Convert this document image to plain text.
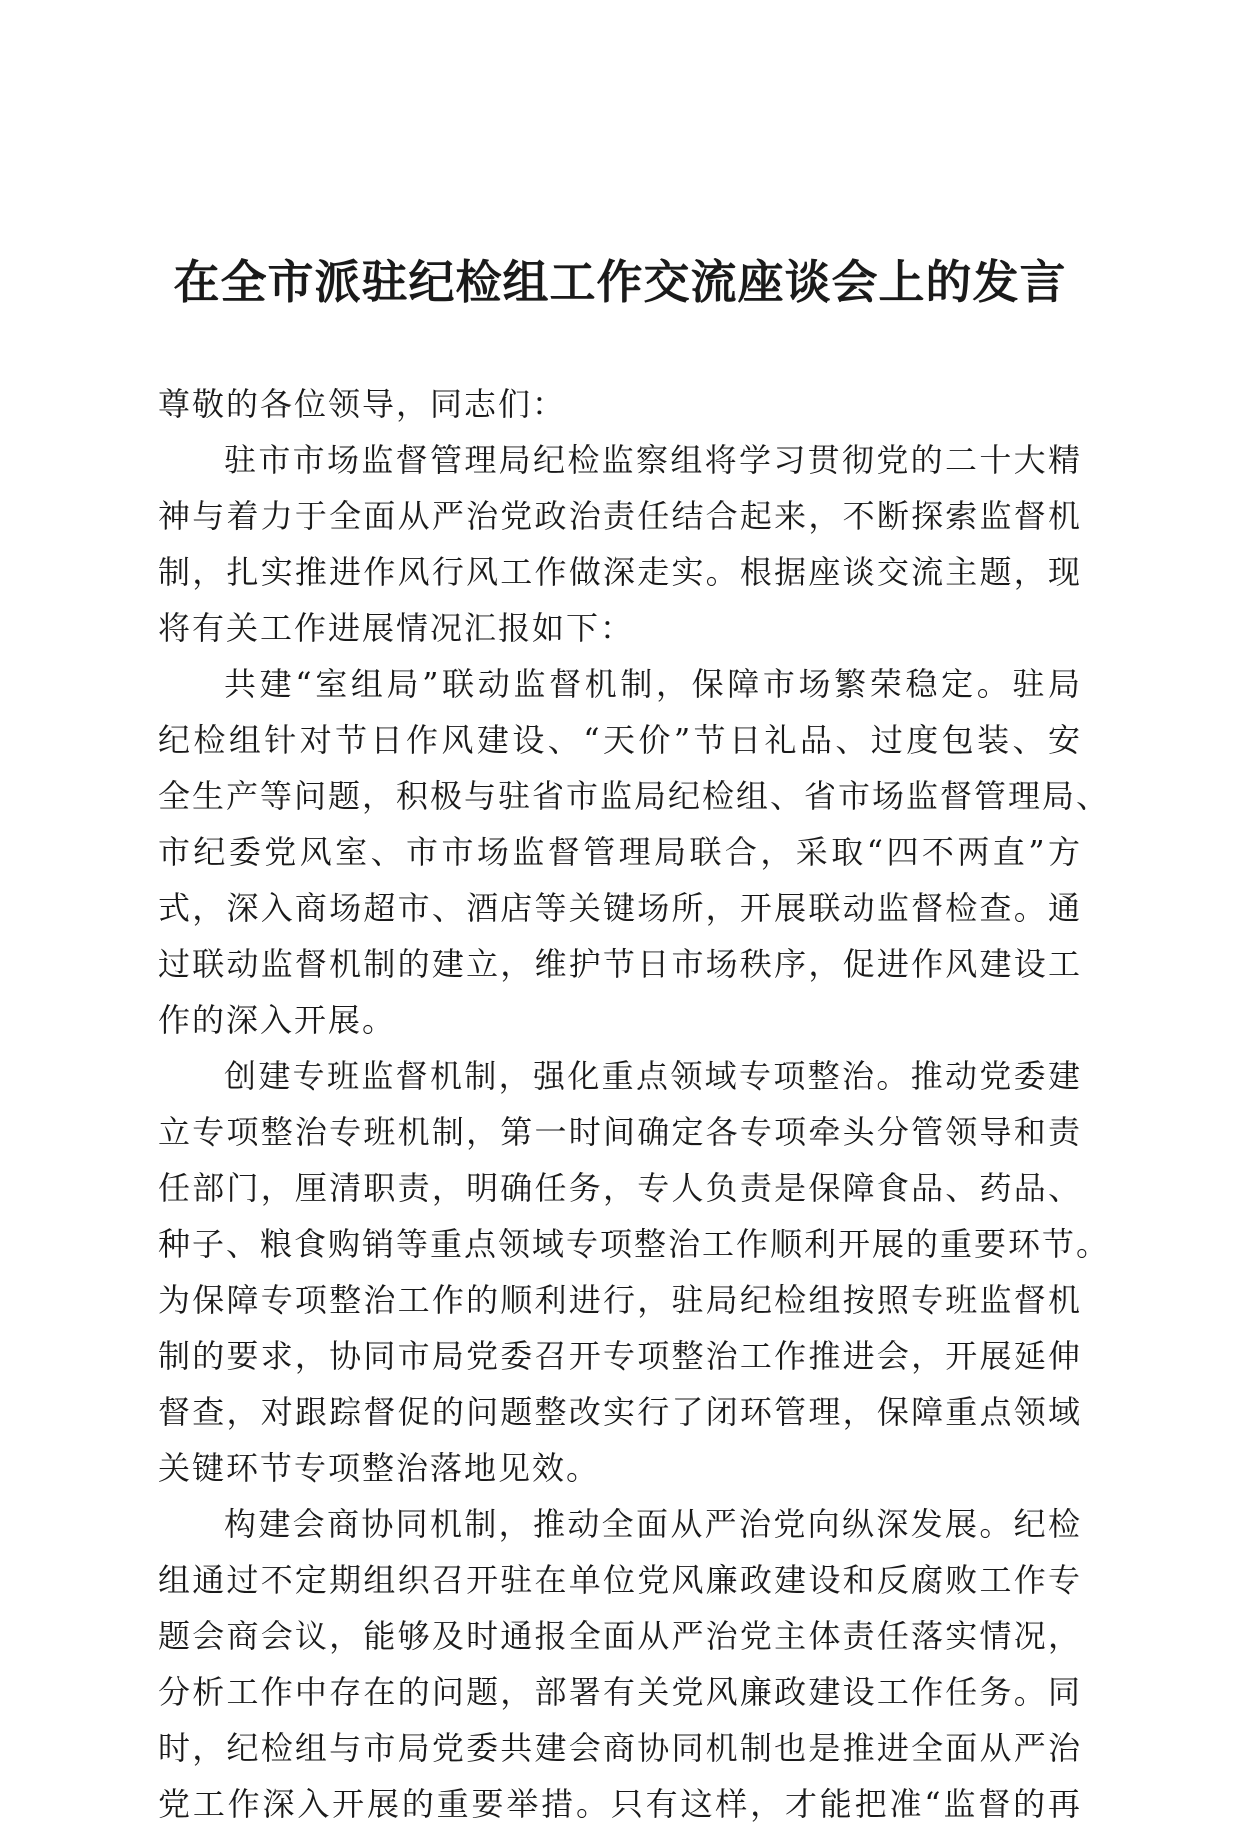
在全市派驻纪检组工作交流座谈会上的发言
尊敬的各位领导，同志们：
驻市市场监督管理局纪检监察组将学习贯彻党的二十大精
神与着力于全面从严治党政治责任结合起来，不断探索监督机
制，扎实推进作风行风工作做深走实。根据座谈交流主题，现
将有关工作进展情况汇报如下：
共建“室组局”联动监督机制，保障市场繁荣稳定。驻局
纪检组针对节日作风建设、“天价”节日礼品、过度包装、安
全生产等问题，积极与驻省市监局纪检组、省市场监督管理局、
市纪委党风室、市市场监督管理局联合，采取“四不两直”方
式，深入商场超市、酒店等关键场所，开展联动监督检查。通
过联动监督机制的建立，维护节日市场秩序，促进作风建设工
作的深入开展。
创建专班监督机制，强化重点领域专项整治。推动党委建
立专项整治专班机制，第一时间确定各专项牵头分管领导和责
任部门，厘清职责，明确任务，专人负责是保障食品、药品、
种子、粮食购销等重点领域专项整治工作顺利开展的重要环节。
为保障专项整治工作的顺利进行，驻局纪检组按照专班监督机
制的要求，协同市局党委召开专项整治工作推进会，开展延伸
督查，对跟踪督促的问题整改实行了闭环管理，保障重点领域
关键环节专项整治落地见效。
构建会商协同机制，推动全面从严治党向纵深发展。纪检
组通过不定期组织召开驻在单位党风廉政建设和反腐败工作专
题会商会议，能够及时通报全面从严治党主体责任落实情况，
分析工作中存在的问题，部署有关党风廉政建设工作任务。同
时，纪检组与市局党委共建会商协同机制也是推进全面从严治
党工作深入开展的重要举措。只有这样，才能把准“监督的再
